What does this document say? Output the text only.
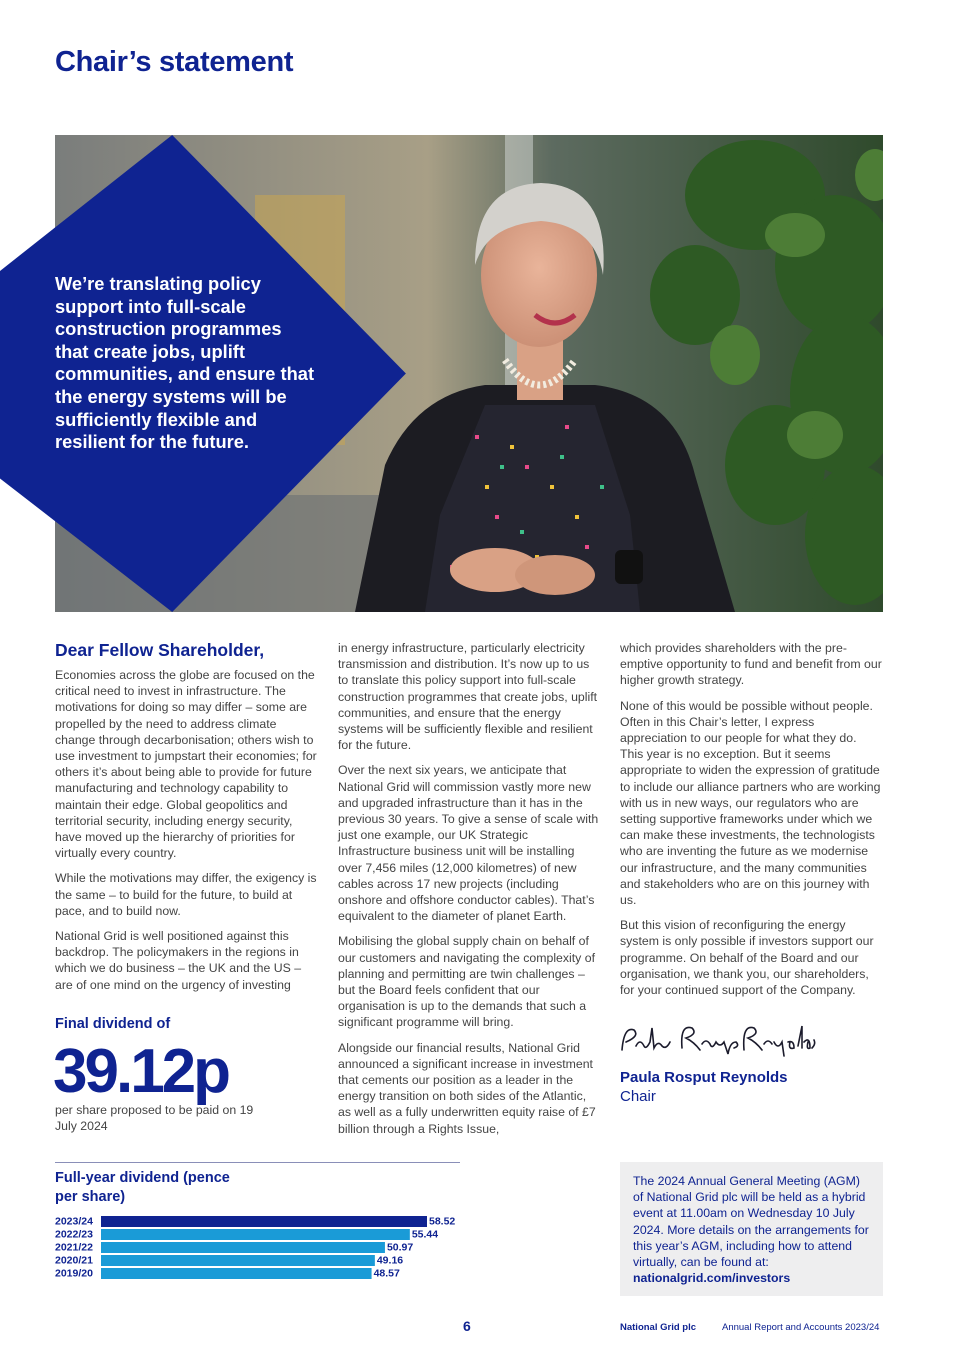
Chair’s statement

We’re translating policy support into full-scale construction programmes that create jobs, uplift communities, and ensure that the energy systems will be sufficiently flexible and resilient for the future.

Dear Fellow Shareholder,

Economies across the globe are focused on the critical need to invest in infrastructure. The motivations for doing so may differ – some are propelled by the need to address climate change through decarbonisation; others wish to use investment to jumpstart their economies; for others it’s about being able to provide for future manufacturing and technology capability to maintain their edge. Global geopolitics and territorial security, including energy security, have moved up the hierarchy of priorities for virtually every country.

While the motivations may differ, the exigency is the same – to build for the future, to build at pace, and to build now.

National Grid is well positioned against this backdrop. The policymakers in the regions in which we do business – the UK and the US – are of one mind on the urgency of investing

in energy infrastructure, particularly electricity transmission and distribution. It’s now up to us to translate this policy support into full-scale construction programmes that create jobs, uplift communities, and ensure that the energy systems will be sufficiently flexible and resilient for the future.

Over the next six years, we anticipate that National Grid will commission vastly more new and upgraded infrastructure than it has in the previous 30 years. To give a sense of scale with just one example, our UK Strategic Infrastructure business unit will be installing over 7,456 miles (12,000 kilometres) of new cables across 17 new projects (including onshore and offshore conductor cables). That’s equivalent to the diameter of planet Earth.

Mobilising the global supply chain on behalf of our customers and navigating the complexity of planning and permitting are twin challenges – but the Board feels confident that our organisation is up to the demands that such a significant programme will bring.

Alongside our financial results, National Grid announced a significant increase in investment that cements our position as a leader in the energy transition on both sides of the Atlantic, as well as a fully underwritten equity raise of £7 billion through a Rights Issue,

which provides shareholders with the pre-emptive opportunity to fund and benefit from our higher growth strategy.

None of this would be possible without people. Often in this Chair’s letter, I express appreciation to our people for what they do. This year is no exception. But it seems appropriate to widen the expression of gratitude to include our alliance partners who are working with us in new ways, our regulators who are setting supportive frameworks under which we can make these investments, the technologists who are inventing the future as we modernise our infrastructure, and the many communities and stakeholders who are on this journey with us.

But this vision of reconfiguring the energy system is only possible if investors support our programme. On behalf of the Board and our organisation, we thank you, our shareholders, for your continued support of the Company.

Final dividend of
39.12p
per share proposed to be paid on 19 July 2024
Paula Rosput Reynolds
Chair
Full-year dividend (pence per share)
2023/24	58.52
2022/23	55.44
2021/22	50.97
2020/21	49.16
2019/20	48.57

The 2024 Annual General Meeting (AGM) of National Grid plc will be held as a hybrid event at 11.00am on Wednesday 10 July 2024. More details on the arrangements for this year’s AGM, including how to attend virtually, can be found at:

nationalgrid.com/investors

6	National Grid plc	Annual Report and Accounts 2023/24
